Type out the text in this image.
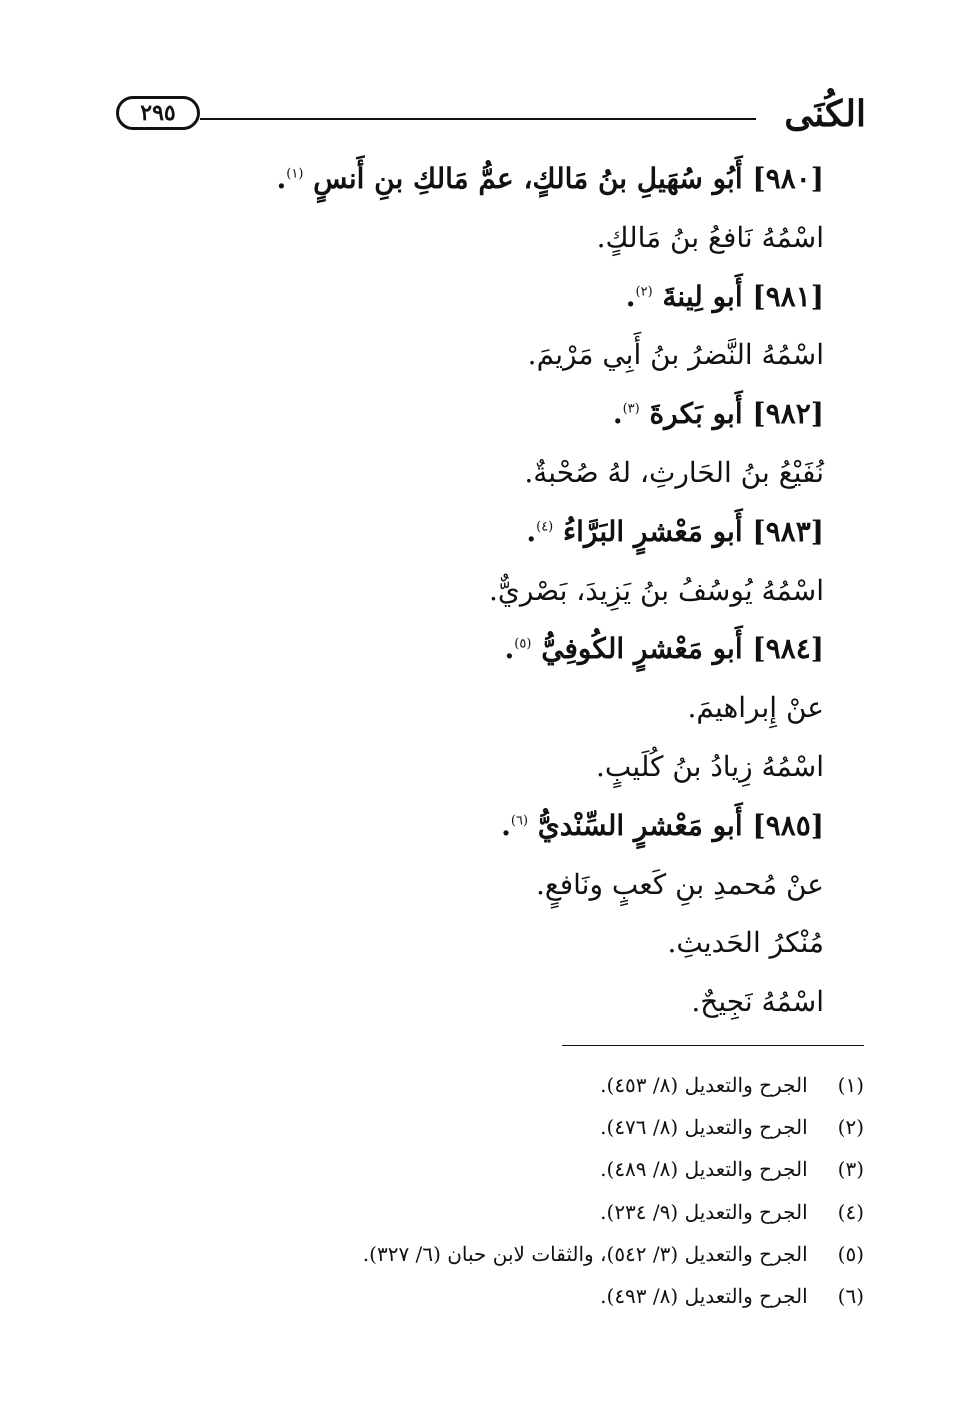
الكُنَى
٢٩٥
[٩٨٠] أَبُو سُهَيلِ بنُ مَالكٍ، عمُّ مَالكِ بنِ أَنسٍ $^{(١)}$.
اسْمُهُ نَافعُ بنُ مَالكٍ.
[٩٨١] أَبو لِينةَ $^{(٢)}$.
اسْمُهُ النَّضرُ بنُ أَبِي مَرْيمَ.
[٩٨٢] أَبو بَكرةَ $^{(٣)}$.
نُفَيْعُ بنُ الحَارثِ، لهُ صُحْبةٌ.
[٩٨٣] أَبو مَعْشرٍ البَرَّاءُ $^{(٤)}$.
اسْمُهُ يُوسُفُ بنُ يَزِيدَ، بَصْريٌّ.
[٩٨٤] أَبو مَعْشرٍ الكُوفِيُّ $^{(٥)}$.
عنْ إِبراهيمَ.
اسْمُهُ زِيادُ بنُ كُلَيبٍ.
[٩٨٥] أَبو مَعْشرٍ السِّنْديُّ $^{(٦)}$.
عنْ مُحمدِ بنِ كَعبٍ ونَافعٍ.
مُنْكرُ الحَديثِ.
اسْمُهُ نَجِيحٌ.
(١) الجرح والتعديل (٨/ ٤٥٣).
(٢) الجرح والتعديل (٨/ ٤٧٦).
(٣) الجرح والتعديل (٨/ ٤٨٩).
(٤) الجرح والتعديل (٩/ ٢٣٤).
(٥) الجرح والتعديل (٣/ ٥٤٢)، والثقات لابن حبان (٦/ ٣٢٧).
(٦) الجرح والتعديل (٨/ ٤٩٣).
